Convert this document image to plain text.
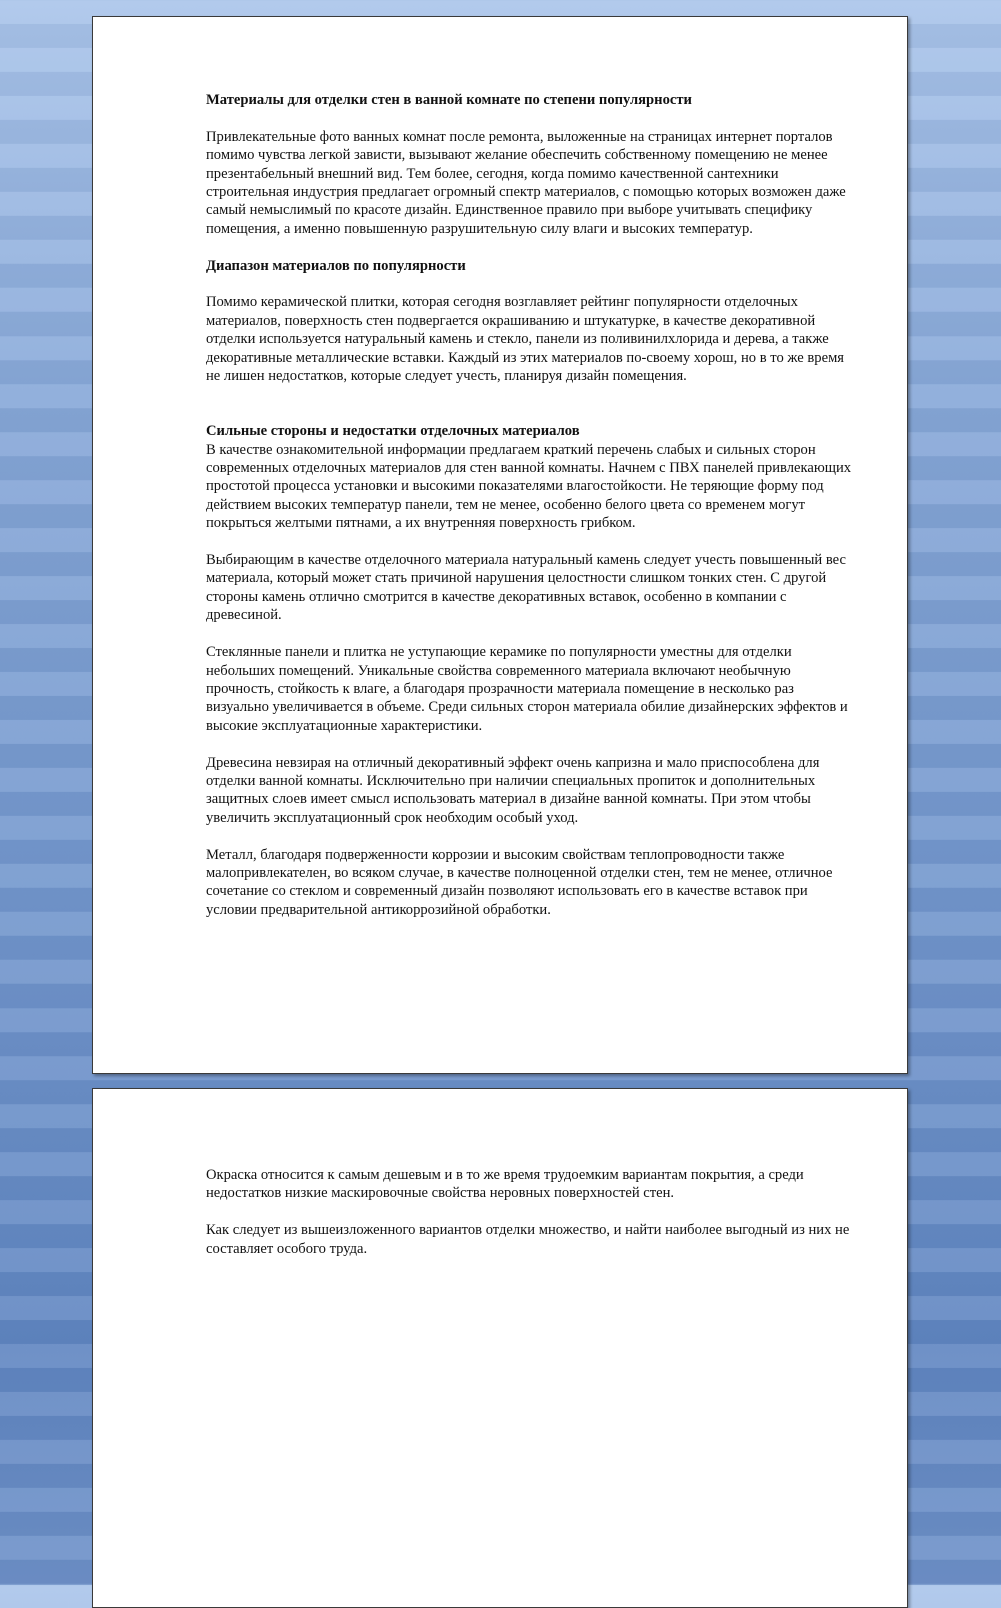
Материалы для отделки стен в ванной комнате по степени популярности

Привлекательные фото ванных комнат после ремонта, выложенные на страницах интернет порталов помимо чувства легкой зависти, вызывают желание обеспечить собственному помещению не менее презентабельный внешний вид. Тем более, сегодня, когда помимо качественной сантехники строительная индустрия предлагает огромный спектр материалов, с помощью которых возможен даже самый немыслимый по красоте дизайн. Единственное правило при выборе учитывать специфику помещения, а именно повышенную разрушительную силу влаги и высоких температур.

Диапазон материалов по популярности

Помимо керамической плитки, которая сегодня возглавляет рейтинг популярности отделочных материалов, поверхность стен подвергается окрашиванию и штукатурке, в качестве декоративной отделки используется натуральный камень и стекло, панели из поливинилхлорида и дерева, а также декоративные металлические вставки. Каждый из этих материалов по-своему хорош, но в то же время не лишен недостатков, которые следует учесть, планируя дизайн помещения.

Сильные стороны и недостатки отделочных материалов

В качестве ознакомительной информации предлагаем краткий перечень слабых и сильных сторон современных отделочных материалов для стен ванной комнаты. Начнем с ПВХ панелей привлекающих простотой процесса установки и высокими показателями влагостойкости. Не теряющие форму под действием высоких температур панели, тем не менее, особенно белого цвета со временем могут покрыться желтыми пятнами, а их внутренняя поверхность грибком.

Выбирающим в качестве отделочного материала натуральный камень следует учесть повышенный вес материала, который может стать причиной нарушения целостности слишком тонких стен. С другой стороны камень отлично смотрится в качестве декоративных вставок, особенно в компании с древесиной.

Стеклянные панели и плитка не уступающие керамике по популярности уместны для отделки небольших помещений. Уникальные свойства современного материала включают необычную прочность, стойкость к влаге, а благодаря прозрачности материала помещение в несколько раз визуально увеличивается в объеме. Среди сильных сторон материала обилие дизайнерских эффектов и высокие эксплуатационные характеристики.

Древесина невзирая на отличный декоративный эффект очень капризна и мало приспособлена для отделки ванной комнаты. Исключительно при наличии специальных пропиток и дополнительных защитных слоев имеет смысл использовать материал в дизайне ванной комнаты. При этом чтобы увеличить эксплуатационный срок необходим особый уход.

Металл, благодаря подверженности коррозии и высоким свойствам теплопроводности также малопривлекателен, во всяком случае, в качестве полноценной отделки стен, тем не менее, отличное сочетание со стеклом и современный дизайн позволяют использовать его в качестве вставок при условии предварительной антикоррозийной обработки.

Окраска относится к самым дешевым и в то же время трудоемким вариантам покрытия, а среди недостатков низкие маскировочные свойства неровных поверхностей стен.

Как следует из вышеизложенного вариантов отделки множество, и найти наиболее выгодный из них не составляет особого труда.
